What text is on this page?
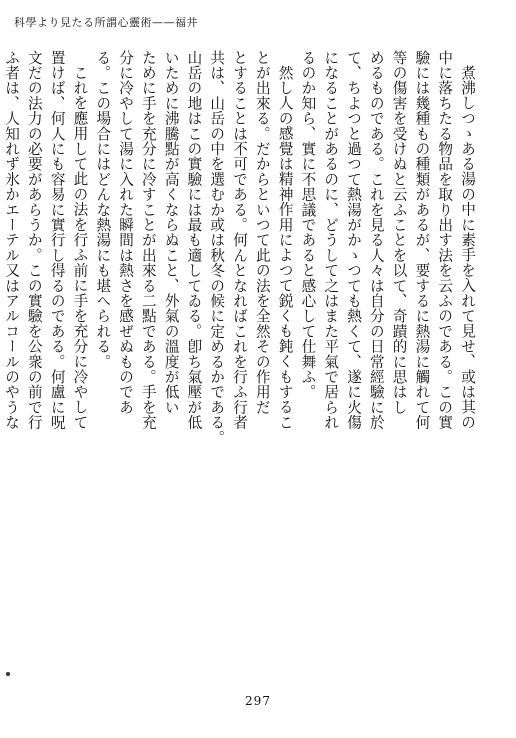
科學より見たる所謂心靈術——福井
煮沸しつゝある湯の中に素手を入れて見せ、或は其の
中に落ちたる物品を取り出す法を云ふのである。この實
驗には幾種もの種類があるが、要するに熱湯に觸れて何
等の傷害を受けぬと云ふことを以て、奇蹟的に思はし
めるものである。これを見る人々は自分の日常經驗に於
て、ちよつと過つて熱湯がかゝつても熱くて、遂に火傷
になることがあるのに、どうして之はまた平氣で居られ
るのか知ら、實に不思議であると感心して仕舞ふ。
然し人の感覺は精神作用によつて鋭くも鈍くもするこ
とが出來る。だからといつて此の法を全然その作用だ
とすることは不可である。何んとなればこれを行ふ行者
共は、山岳の中を選むか或は秋冬の候に定めるかである。
山岳の地はこの實驗には最も適してゐる。卽ち氣壓が低
いために沸騰點が高くならぬこと、外氣の溫度が低い
ために手を充分に冷すことが出來る二點である。手を充
分に冷やして湯に入れた瞬間は熱さを感ぜぬものであ
る。この場合にはどんな熱湯にも堪へられる。
これを應用して此の法を行ふ前に手を充分に冷やして
置けば、何人にも容易に實行し得るのである。何盧に呪
文だの法力の必要があらうか。この實驗を公衆の前で行
ふ者は、人知れず氷かエーテル又はアルコールのやうな
297
